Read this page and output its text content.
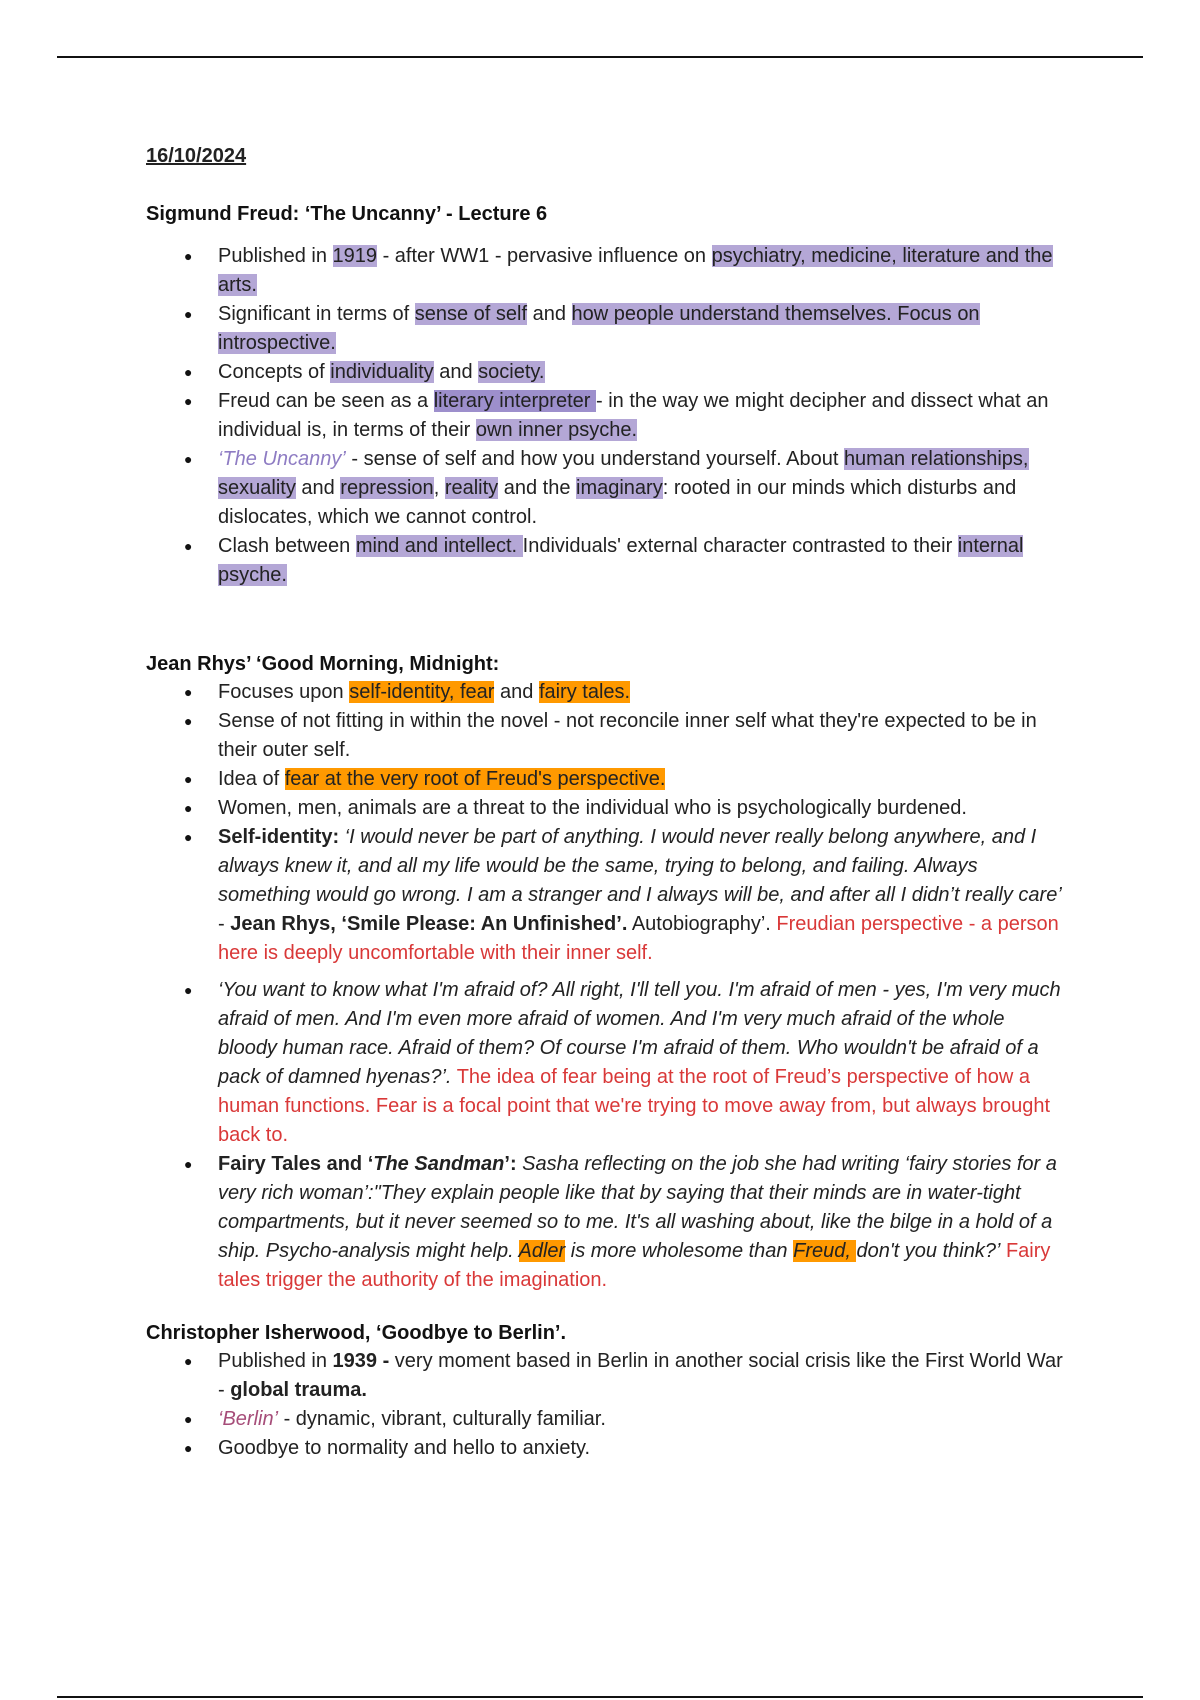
16/10/2024
Sigmund Freud: ‘The Uncanny’ - Lecture 6
● Published in 1919 - after WW1 - pervasive influence on psychiatry, medicine, literature and the arts.
● Significant in terms of sense of self and how people understand themselves. Focus on introspective.
● Concepts of individuality and society.
● Freud can be seen as a literary interpreter - in the way we might decipher and dissect what an individual is, in terms of their own inner psyche.
● ‘The Uncanny’ - sense of self and how you understand yourself. About human relationships, sexuality and repression, reality and the imaginary: rooted in our minds which disturbs and dislocates, which we cannot control.
● Clash between mind and intellect. Individuals' external character contrasted to their internal psyche.
Jean Rhys’ ‘Good Morning, Midnight:
● Focuses upon self-identity, fear and fairy tales.
● Sense of not fitting in within the novel - not reconcile inner self what they're expected to be in their outer self.
● Idea of fear at the very root of Freud's perspective.
● Women, men, animals are a threat to the individual who is psychologically burdened.
● Self-identity: ‘I would never be part of anything. I would never really belong anywhere, and I always knew it, and all my life would be the same, trying to belong, and failing. Always something would go wrong. I am a stranger and I always will be, and after all I didn’t really care’ - Jean Rhys, ‘Smile Please: An Unfinished’. Autobiography’. Freudian perspective - a person here is deeply uncomfortable with their inner self.
● ‘You want to know what I'm afraid of? All right, I'll tell you. I'm afraid of men - yes, I'm very much afraid of men. And I'm even more afraid of women. And I'm very much afraid of the whole bloody human race. Afraid of them? Of course I'm afraid of them. Who wouldn't be afraid of a pack of damned hyenas?’. The idea of fear being at the root of Freud’s perspective of how a human functions. Fear is a focal point that we're trying to move away from, but always brought back to.
● Fairy Tales and ‘The Sandman’: Sasha reflecting on the job she had writing ‘fairy stories for a very rich woman’:"They explain people like that by saying that their minds are in water-tight compartments, but it never seemed so to me. It's all washing about, like the bilge in a hold of a ship. Psycho-analysis might help. Adler is more wholesome than Freud, don't you think?’ Fairy tales trigger the authority of the imagination.
Christopher Isherwood, ‘Goodbye to Berlin’.
● Published in 1939 - very moment based in Berlin in another social crisis like the First World War - global trauma.
● ‘Berlin’ - dynamic, vibrant, culturally familiar.
● Goodbye to normality and hello to anxiety.
